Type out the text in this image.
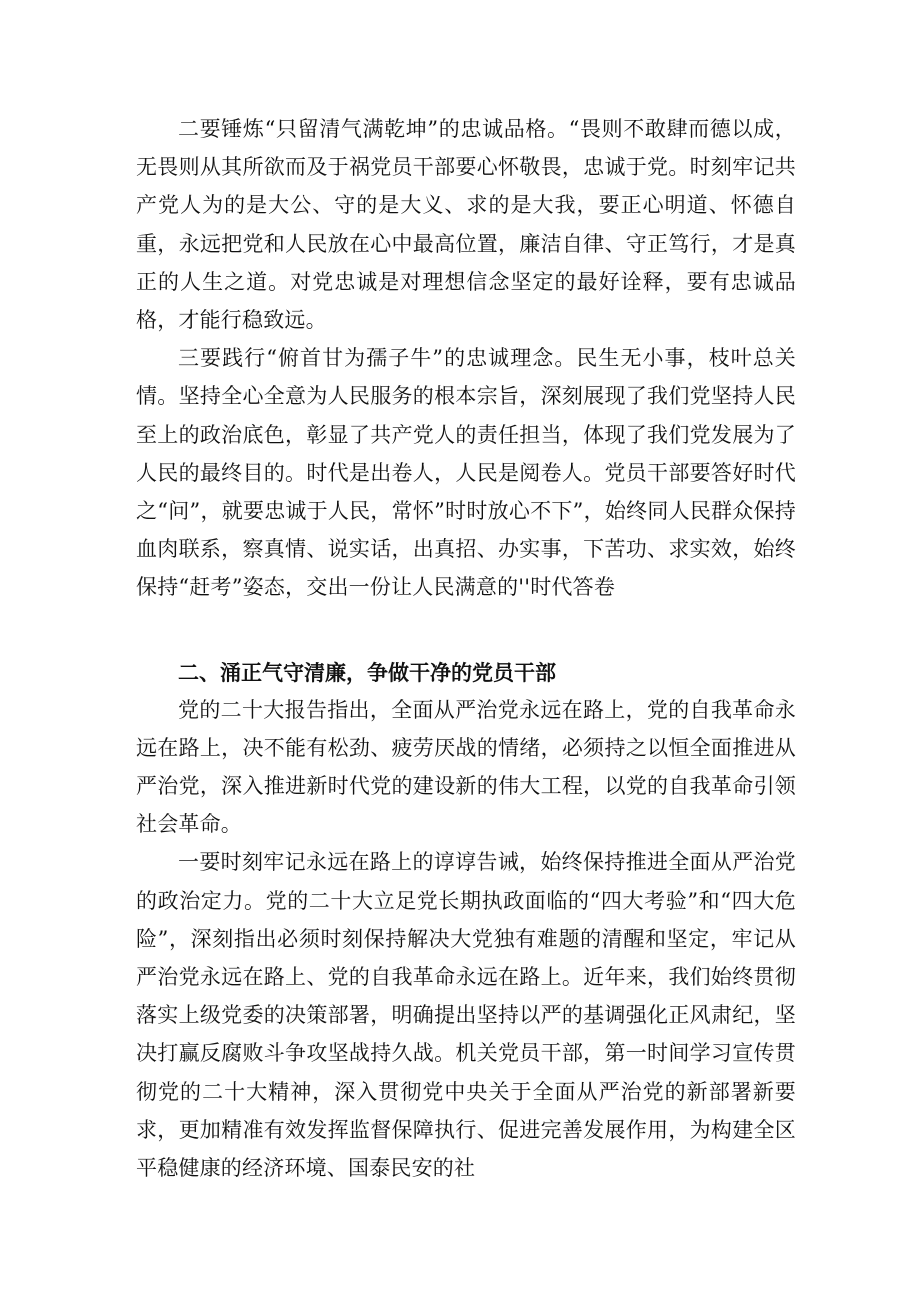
二要锤炼“只留清气满乾坤”的忠诚品格。“畏则不敢肆而德以成，无畏则从其所欲而及于祸党员干部要心怀敬畏，忠诚于党。时刻牢记共产党人为的是大公、守的是大义、求的是大我，要正心明道、怀德自重，永远把党和人民放在心中最高位置，廉洁自律、守正笃行，才是真正的人生之道。对党忠诚是对理想信念坚定的最好诠释，要有忠诚品格，才能行稳致远。

三要践行“俯首甘为孺子牛”的忠诚理念。民生无小事，枝叶总关情。坚持全心全意为人民服务的根本宗旨，深刻展现了我们党坚持人民至上的政治底色，彰显了共产党人的责任担当，体现了我们党发展为了人民的最终目的。时代是出卷人，人民是阅卷人。党员干部要答好时代之“问”，就要忠诚于人民，常怀”时时放心不下”，始终同人民群众保持血肉联系，察真情、说实话，出真招、办实事，下苦功、求实效，始终保持“赶考”姿态，交出一份让人民满意的''时代答卷

二、涌正气守清廉，争做干净的党员干部

党的二十大报告指出，全面从严治党永远在路上，党的自我革命永远在路上，决不能有松劲、疲劳厌战的情绪，必须持之以恒全面推进从严治党，深入推进新时代党的建设新的伟大工程，以党的自我革命引领社会革命。

一要时刻牢记永远在路上的谆谆告诫，始终保持推进全面从严治党的政治定力。党的二十大立足党长期执政面临的“四大考验”和“四大危险”，深刻指出必须时刻保持解决大党独有难题的清醒和坚定，牢记从严治党永远在路上、党的自我革命永远在路上。近年来，我们始终贯彻落实上级党委的决策部署，明确提出坚持以严的基调强化正风肃纪，坚决打赢反腐败斗争攻坚战持久战。机关党员干部，第一时间学习宣传贯彻党的二十大精神，深入贯彻党中央关于全面从严治党的新部署新要求，更加精准有效发挥监督保障执行、促进完善发展作用，为构建全区平稳健康的经济环境、国泰民安的社
